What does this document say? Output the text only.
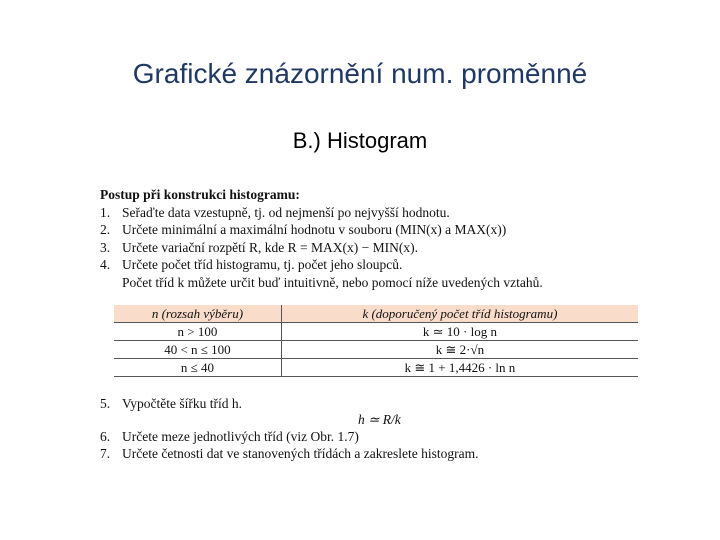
Grafické znázornění num. proměnné
B.) Histogram
Postup při konstrukci histogramu:
1. Seřaďte data vzestupně, tj. od nejmenší po nejvyšší hodnotu.
2. Určete minimální a maximální hodnotu v souboru (MIN(x) a MAX(x))
3. Určete variační rozpětí R, kde R = MAX(x) − MIN(x).
4. Určete počet tříd histogramu, tj. počet jeho sloupců.
Počet tříd k můžete určit buď intuitivně, nebo pomocí níže uvedených vztahů.
n (rozsah výběru)	k (doporučený počet tříd histogramu)
n > 100	k ≃ 10 · log n
40 < n ≤ 100	k ≅ 2·√n
n ≤ 40	k ≅ 1 + 1,4426 · ln n
5. Vypočtěte šířku tříd h.
h ≃ R/k
6. Určete meze jednotlivých tříd (viz Obr. 1.7)
7. Určete četnosti dat ve stanovených třídách a zakreslete histogram.
